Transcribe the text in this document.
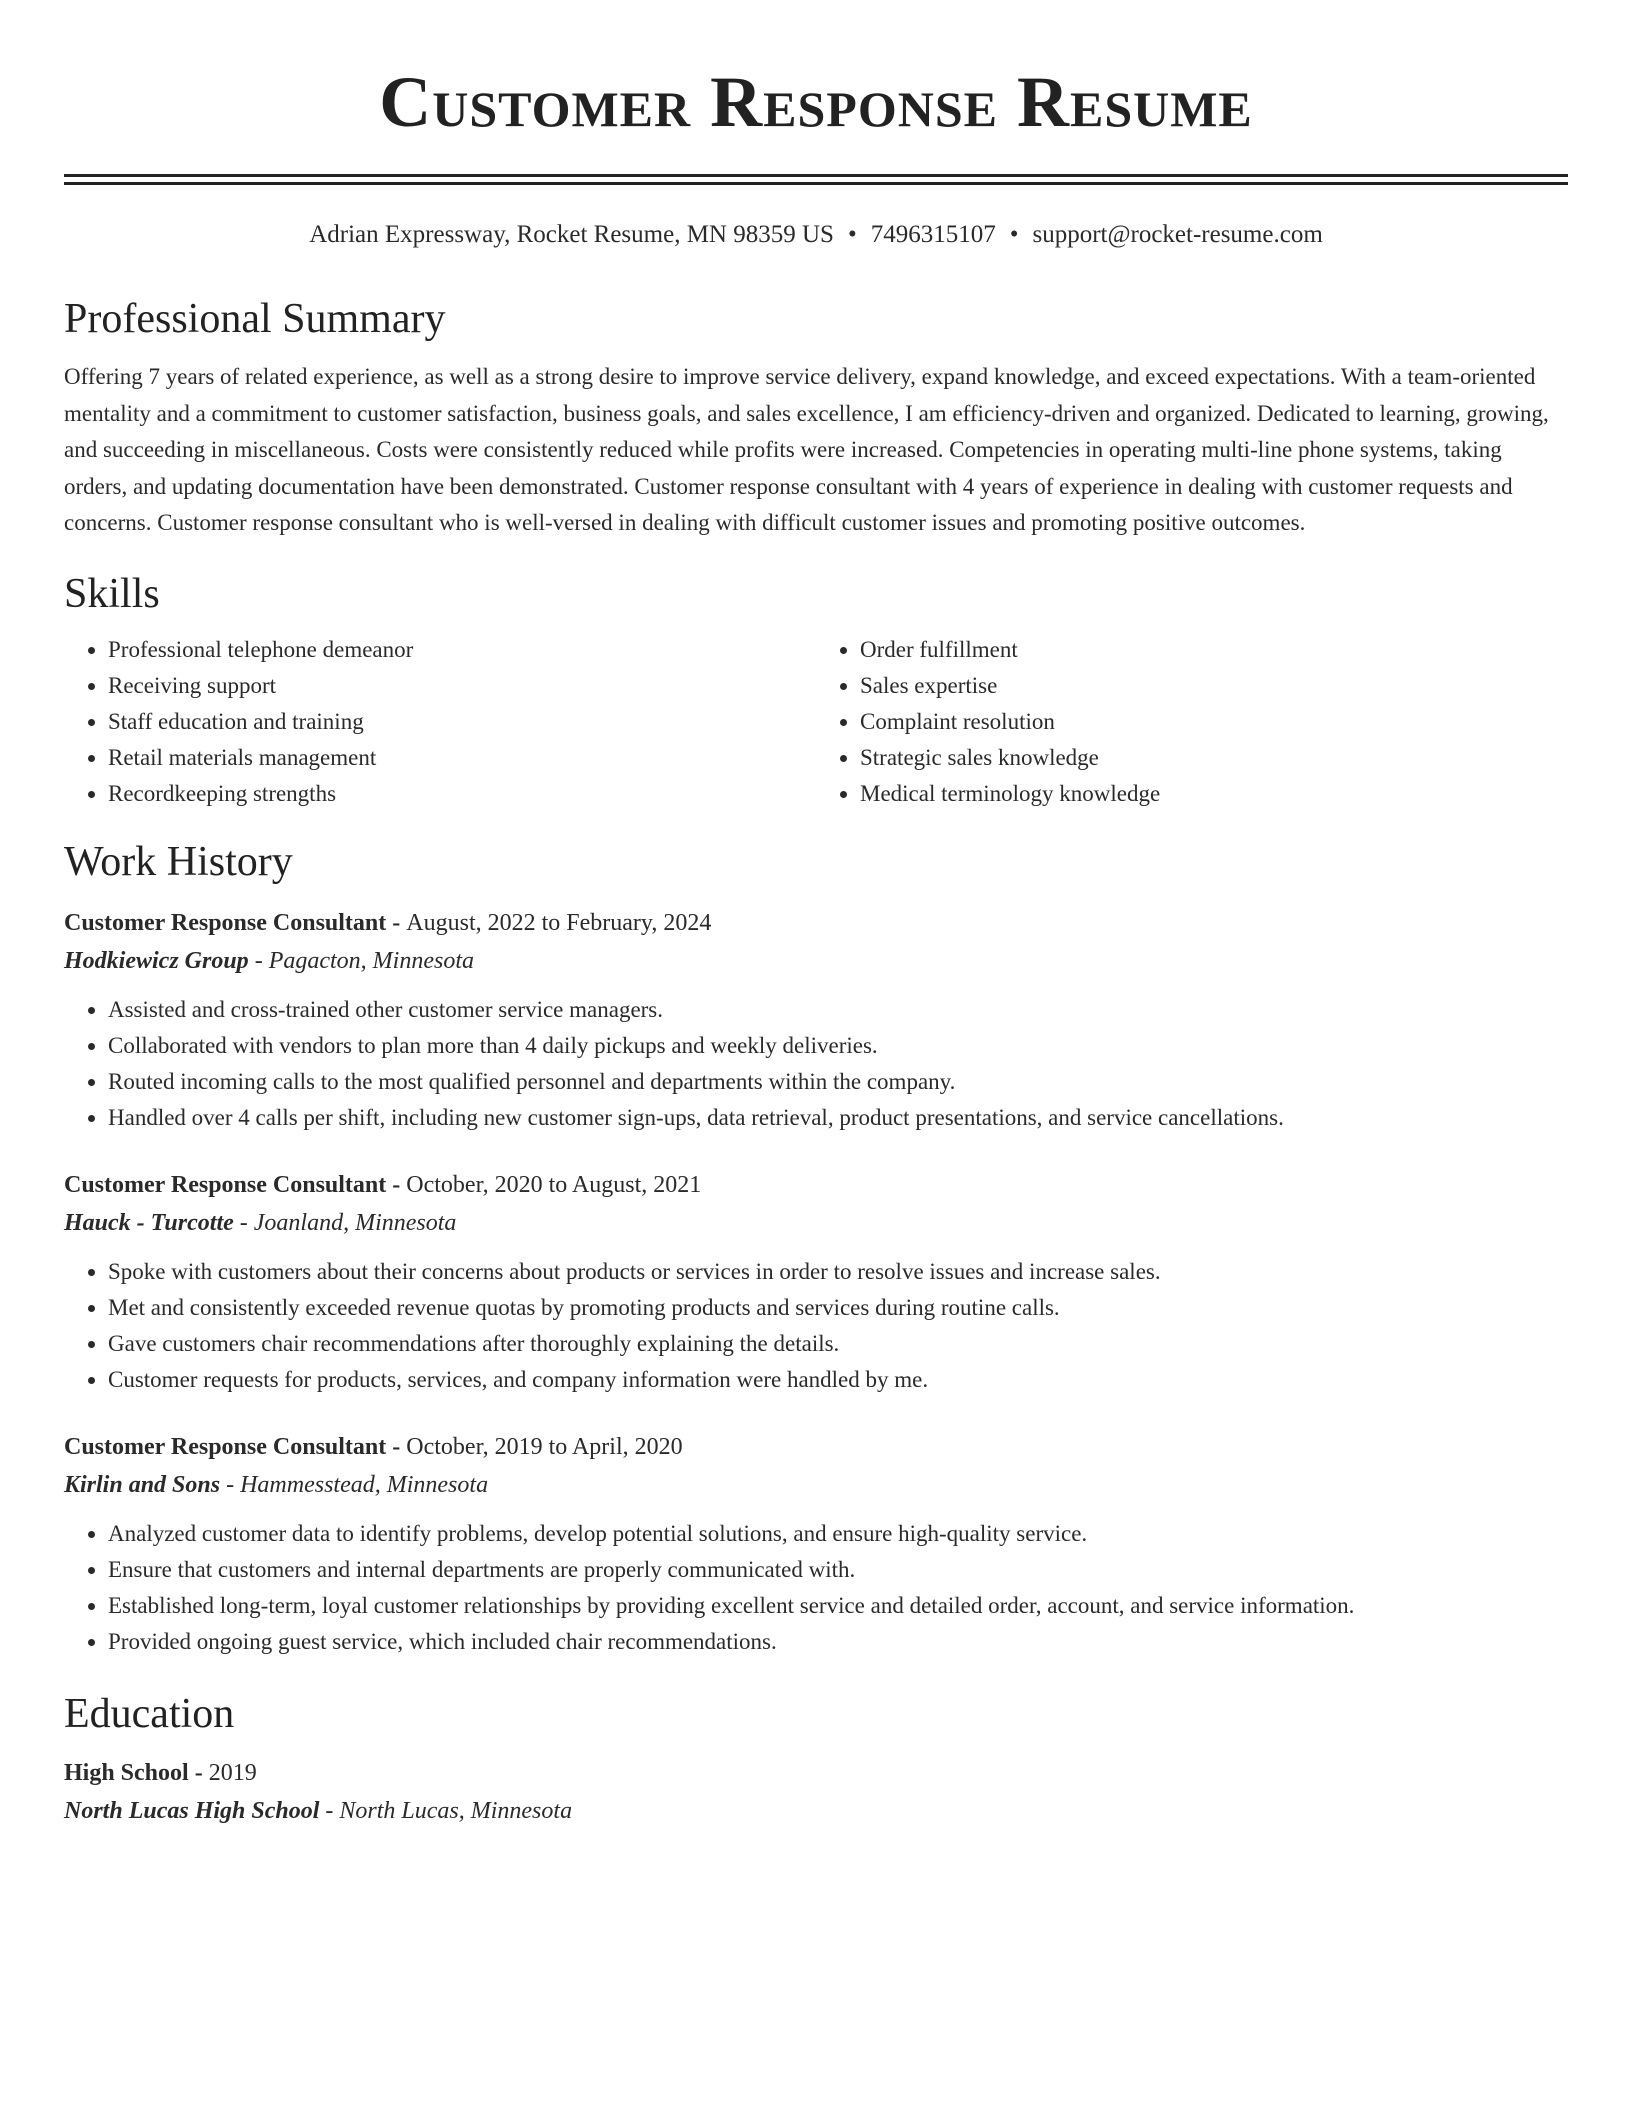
Customer Response Resume
Adrian Expressway, Rocket Resume, MN 98359 US • 7496315107 • support@rocket-resume.com
Professional Summary

Offering 7 years of related experience, as well as a strong desire to improve service delivery, expand knowledge, and exceed expectations. With a team-oriented mentality and a commitment to customer satisfaction, business goals, and sales excellence, I am efficiency-driven and organized. Dedicated to learning, growing, and succeeding in miscellaneous. Costs were consistently reduced while profits were increased. Competencies in operating multi-line phone systems, taking orders, and updating documentation have been demonstrated. Customer response consultant with 4 years of experience in dealing with customer requests and concerns. Customer response consultant who is well-versed in dealing with difficult customer issues and promoting positive outcomes.

Skills
• Professional telephone demeanor
• Receiving support
• Staff education and training
• Retail materials management
• Recordkeeping strengths
• Order fulfillment
• Sales expertise
• Complaint resolution
• Strategic sales knowledge
• Medical terminology knowledge
Work History
Customer Response Consultant - August, 2022 to February, 2024
Hodkiewicz Group - Pagacton, Minnesota
• Assisted and cross-trained other customer service managers.
• Collaborated with vendors to plan more than 4 daily pickups and weekly deliveries.
• Routed incoming calls to the most qualified personnel and departments within the company.
• Handled over 4 calls per shift, including new customer sign-ups, data retrieval, product presentations, and service cancellations.
Customer Response Consultant - October, 2020 to August, 2021
Hauck - Turcotte - Joanland, Minnesota
• Spoke with customers about their concerns about products or services in order to resolve issues and increase sales.
• Met and consistently exceeded revenue quotas by promoting products and services during routine calls.
• Gave customers chair recommendations after thoroughly explaining the details.
• Customer requests for products, services, and company information were handled by me.
Customer Response Consultant - October, 2019 to April, 2020
Kirlin and Sons - Hammesstead, Minnesota
• Analyzed customer data to identify problems, develop potential solutions, and ensure high-quality service.
• Ensure that customers and internal departments are properly communicated with.
• Established long-term, loyal customer relationships by providing excellent service and detailed order, account, and service information.
• Provided ongoing guest service, which included chair recommendations.
Education
High School - 2019
North Lucas High School - North Lucas, Minnesota
